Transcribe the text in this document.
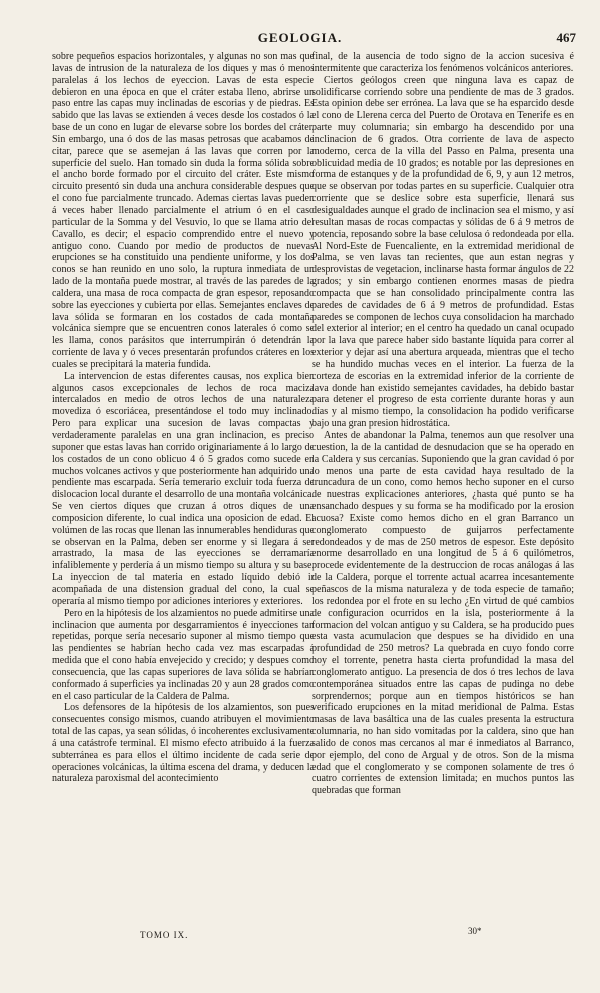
GEOLOGIA.	467

sobre pequeños espacios horizontales, y algunas no son mas que lavas de intrusion de la naturaleza de los diques y mas ó menos paralelas á los lechos de eyeccion. Lavas de esta especie debieron en una época en que el cráter estaba lleno, abrirse un paso entre las capas muy inclinadas de escorias y de piedras. Es sabido que las lavas se extienden á veces desde los costados ó la base de un cono en lugar de elevarse sobre los bordes del cráter. Sin embargo, una ó dos de las masas petrosas que acabamos de citar, parece que se asemejan á las lavas que corren por la superficie del suelo. Han tomado sin duda la forma sólida sobre el ancho borde formado por el circuito del cráter. Este mismo circuito presentó sin duda una anchura considerable despues que el cono fue parcialmente truncado. Ademas ciertas lavas pueden á veces haber llenado parcialmente el atrium ó en el caso particular de la Somma y del Vesuvio, lo que se llama atrio del Cavallo, es decir; el espacio comprendido entre el nuevo y antiguo cono. Cuando por medio de productos de nuevas erupciones se ha constituido una pendiente uniforme, y los dos conos se han reunido en uno solo, la ruptura inmediata de un lado de la montaña puede mostrar, al través de las paredes de la caldera, una masa de roca compacta de gran espesor, reposando sobre las eyecciones y cubierta por ellas. Semejantes enclaves de lava sólida se formaran en los costados de cada montaña volcánica siempre que se encuentren conos laterales ó como se les llama, conos parásitos que interrumpirán ó detendrán la corriente de lava y ó veces presentarán profundos cráteres en los cuales se precipitará la materia fundida.

La intervencion de estas diferentes causas, nos explica bien algunos casos excepcionales de lechos de roca maciza intercalados en medio de otros lechos de una naturaleza movediza ó escoriácea, presentándose el todo muy inclinado. Pero para explicar una sucesion de lavas compactas y verdaderamente paralelas en una gran inclinacion, es preciso suponer que estas lavas han corrido originariamente á lo largo de los costados de un cono oblicuo 4 ó 5 grados como sucede en muchos volcanes activos y que posteriormente han adquirido una pendiente mas escarpada. Sería temerario excluir toda fuerza de dislocacion local durante el desarrollo de una montaña volcánica. Se ven ciertos diques que cruzan á otros diques de una composicion diferente, lo cual indica una oposicion de edad. El volúmen de las rocas que llenan las innumerables hendiduras que se observan en la Palma, deben ser enorme y si llegara á ser arrastrado, la masa de las eyecciones se derramaría infaliblemente y perdería á un mismo tiempo su altura y su base. La inyeccion de tal materia en estado líquido debió ir acompañada de una distension gradual del cono, la cual se operaría al mismo tiempo por adiciones interiores y exteriores.

Pero en la hipótesis de los alzamientos no puede admitirse una inclinacion que aumenta por desgarramientos é inyecciones tan repetidas, porque sería necesario suponer al mismo tiempo que las pendientes se habrían hecho cada vez mas escarpadas á medida que el cono había envejecido y crecido; y despues como consecuencia, que las capas superiores de lava sólida se habrían conformado á superficies ya inclinadas 20 y aun 28 grados como en el caso particular de la Caldera de Palma.

Los defensores de la hipótesis de los alzamientos, son pues consecuentes consigo mismos, cuando atribuyen el movimiento total de las capas, ya sean sólidas, ó incoherentes exclusivamente á una catástrofe terminal. El mismo efecto atribuido á la fuerza subterránea es para ellos el último incidente de cada serie de operaciones volcánicas, la última escena del drama, y deducen la naturaleza paroxismal del acontecimiento

final, de la ausencia de todo signo de la accion sucesiva é intermitente que caracteriza los fenómenos volcánicos anteriores.

Ciertos geólogos creen que ninguna lava es capaz de solidificarse corriendo sobre una pendiente de mas de 3 grados. Esta opinion debe ser errónea. La lava que se ha esparcido desde el cono de Llerena cerca del Puerto de Orotava en Tenerife es en parte muy columnaria; sin embargo ha descendido por una inclinacion de 6 grados. Otra corriente de lava de aspecto moderno, cerca de la villa del Passo en Palma, presenta una oblicuidad media de 10 grados; es notable por las depresiones en forma de estanques y de la profundidad de 6, 9, y aun 12 metros, que se observan por todas partes en su superficie. Cualquier otra corriente que se deslice sobre esta superficie, llenará sus desigualdades aunque el grado de inclinacion sea el mismo, y así resultan masas de rocas compactas y sólidas de 6 á 9 metros de potencia, reposando sobre la base celulosa ó redondeada por ella. Al Nord-Este de Fuencaliente, en la extremidad meridional de Palma, se ven lavas tan recientes, que aun estan negras y desprovistas de vegetacion, inclinarse hasta formar ángulos de 22 grados; y sin embargo contienen enormes masas de piedra compacta que se han consolidado principalmente contra las paredes de cavidades de 6 á 9 metros de profundidad. Estas paredes se componen de lechos cuya consolidacion ha marchado del exterior al interior; en el centro ha quedado un canal ocupado por la lava que parece haber sido bastante líquida para correr al exterior y dejar así una abertura arqueada, mientras que el techo se ha hundido muchas veces en el interior. La fuerza de la corteza de escorias en la extremidad inferior de la corriente de lava donde han existido semejantes cavidades, ha debido bastar para detener el progreso de esta corriente durante horas y aun días y al mismo tiempo, la consolidacion ha podido verificarse bajo una gran presion hidrostática.

Antes de abandonar la Palma, tenemos aun que resolver una cuestion, la de la cantidad de desnudacion que se ha operado en la Caldera y sus cercanías. Suponiendo que la gran cavidad ó por lo menos una parte de esta cavidad haya resultado de la truncadura de un cono, como hemos hecho suponer en el curso de nuestras explicaciones anteriores, ¿hasta qué punto se ha ensanchado despues y su forma se ha modificado por la erosion acuosa? Existe como hemos dicho en el gran Barranco un conglomerato compuesto de guijarros perfectamente redondeados y de mas de 250 metros de espesor. Este depósito enorme desarrollado en una longitud de 5 á 6 quilómetros, procede evidentemente de la destruccion de rocas análogas á las de la Caldera, porque el torrente actual acarrea incesantemente peñascos de la misma naturaleza y de toda especie de tamaño; los redondea por el frote en su lecho ¿En virtud de qué cambios de configuracion ocurridos en la isla, posteriormente á la formacion del volcan antiguo y su Caldera, se ha producido pues esta vasta acumulacion que despues se ha dividido en una profundidad de 250 metros? La quebrada en cuyo fondo corre hoy el torrente, penetra hasta cierta profundidad la masa del conglomerato antiguo. La presencia de dos ó tres lechos de lava contemporánea situados entre las capas de pudinga no debe sorprendernos; porque aun en tiempos históricos se han verificado erupciones en la mitad meridional de Palma. Estas masas de lava basáltica una de las cuales presenta la estructura columnaria, no han sido vomitadas por la caldera, sino que han salido de conos mas cercanos al mar é inmediatos al Barranco, por ejemplo, del cono de Argual y de otros. Son de la misma edad que el conglomerato y se componen solamente de tres ó cuatro corrientes de extension limitada; en muchos puntos las quebradas que forman

TOMO IX.	30*
